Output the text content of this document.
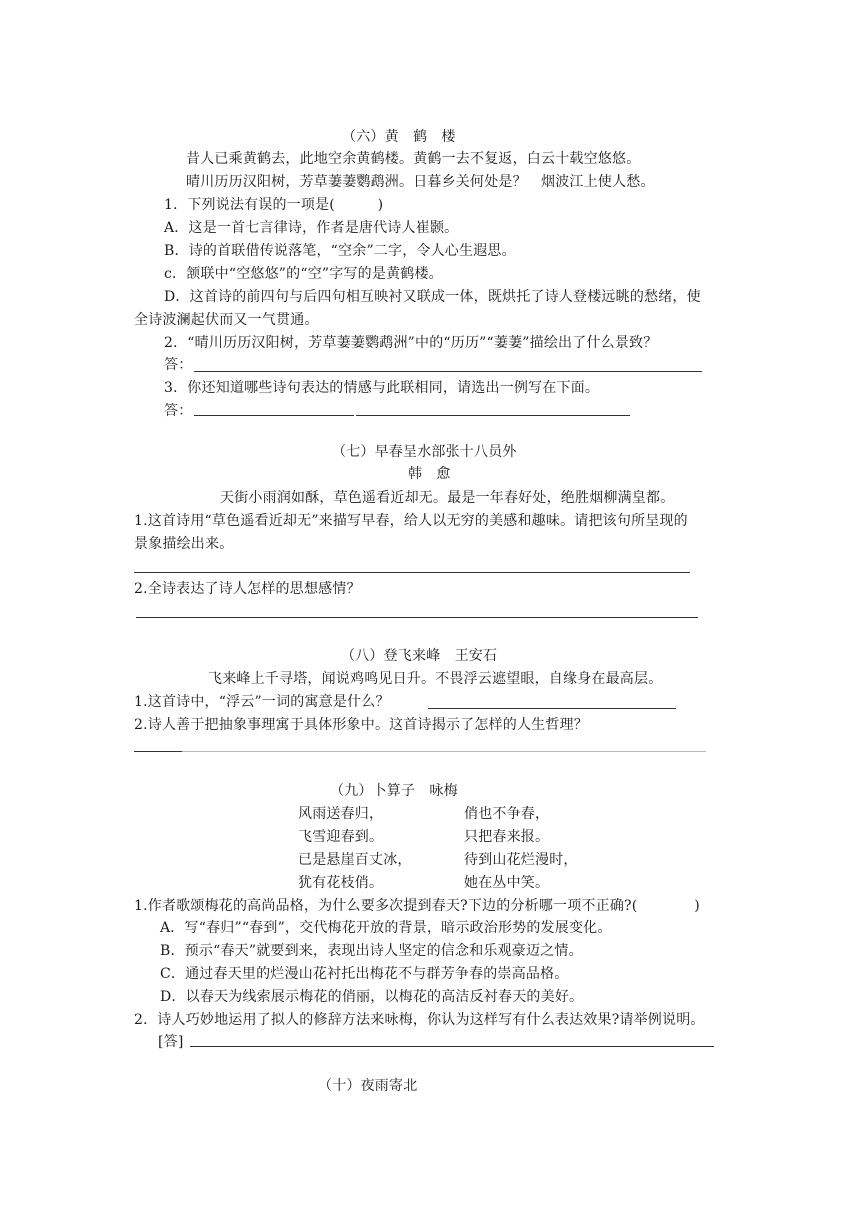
（六）黄　鹤　楼
昔人已乘黄鹤去，此地空余黄鹤楼。黄鹤一去不复返，白云十载空悠悠。
晴川历历汉阳树，芳草萋萋鹦鹉洲。日暮乡关何处是？　烟波江上使人愁。
1．下列说法有误的一项是(　　　)
A．这是一首七言律诗，作者是唐代诗人崔颢。
B．诗的首联借传说落笔，“空余”二字，令人心生遐思。
c．颔联中“空悠悠”的“空”字写的是黄鹤楼。
D．这首诗的前四句与后四句相互映衬又联成一体，既烘托了诗人登楼远眺的愁绪，使
全诗波澜起伏而又一气贯通。
2．“晴川历历汉阳树，芳草萋萋鹦鹉洲”中的“历历”“萋萋”描绘出了什么景致？
答：
3．你还知道哪些诗句表达的情感与此联相同，请选出一例写在下面。
答：
（七）早春呈水部张十八员外
韩　愈
天街小雨润如酥，草色遥看近却无。最是一年春好处，绝胜烟柳满皇都。
1.这首诗用“草色遥看近却无”来描写早春，给人以无穷的美感和趣味。请把该句所呈现的
景象描绘出来。
2.全诗表达了诗人怎样的思想感情？
（八）登飞来峰　王安石
飞来峰上千寻塔，闻说鸡鸣见日升。不畏浮云遮望眼，自缘身在最高层。
1.这首诗中，“浮云”一词的寓意是什么？
2.诗人善于把抽象事理寓于具体形象中。这首诗揭示了怎样的人生哲理？
（九）卜算子　咏梅
风雨送春归，
飞雪迎春到。
已是悬崖百丈冰，
犹有花枝俏。
俏也不争春，
只把春来报。
待到山花烂漫时，
她在丛中笑。
1.作者歌颂梅花的高尚品格，为什么要多次提到春天?下边的分析哪一项不正确?(　　　　)
A．写“春归”“春到”，交代梅花开放的背景，暗示政治形势的发展变化。
B．预示“春天”就要到来，表现出诗人坚定的信念和乐观豪迈之情。
C．通过春天里的烂漫山花衬托出梅花不与群芳争春的崇高品格。
D．以春天为线索展示梅花的俏丽，以梅花的高洁反衬春天的美好。
2．诗人巧妙地运用了拟人的修辞方法来咏梅，你认为这样写有什么表达效果?请举例说明。
[答]
（十）夜雨寄北
